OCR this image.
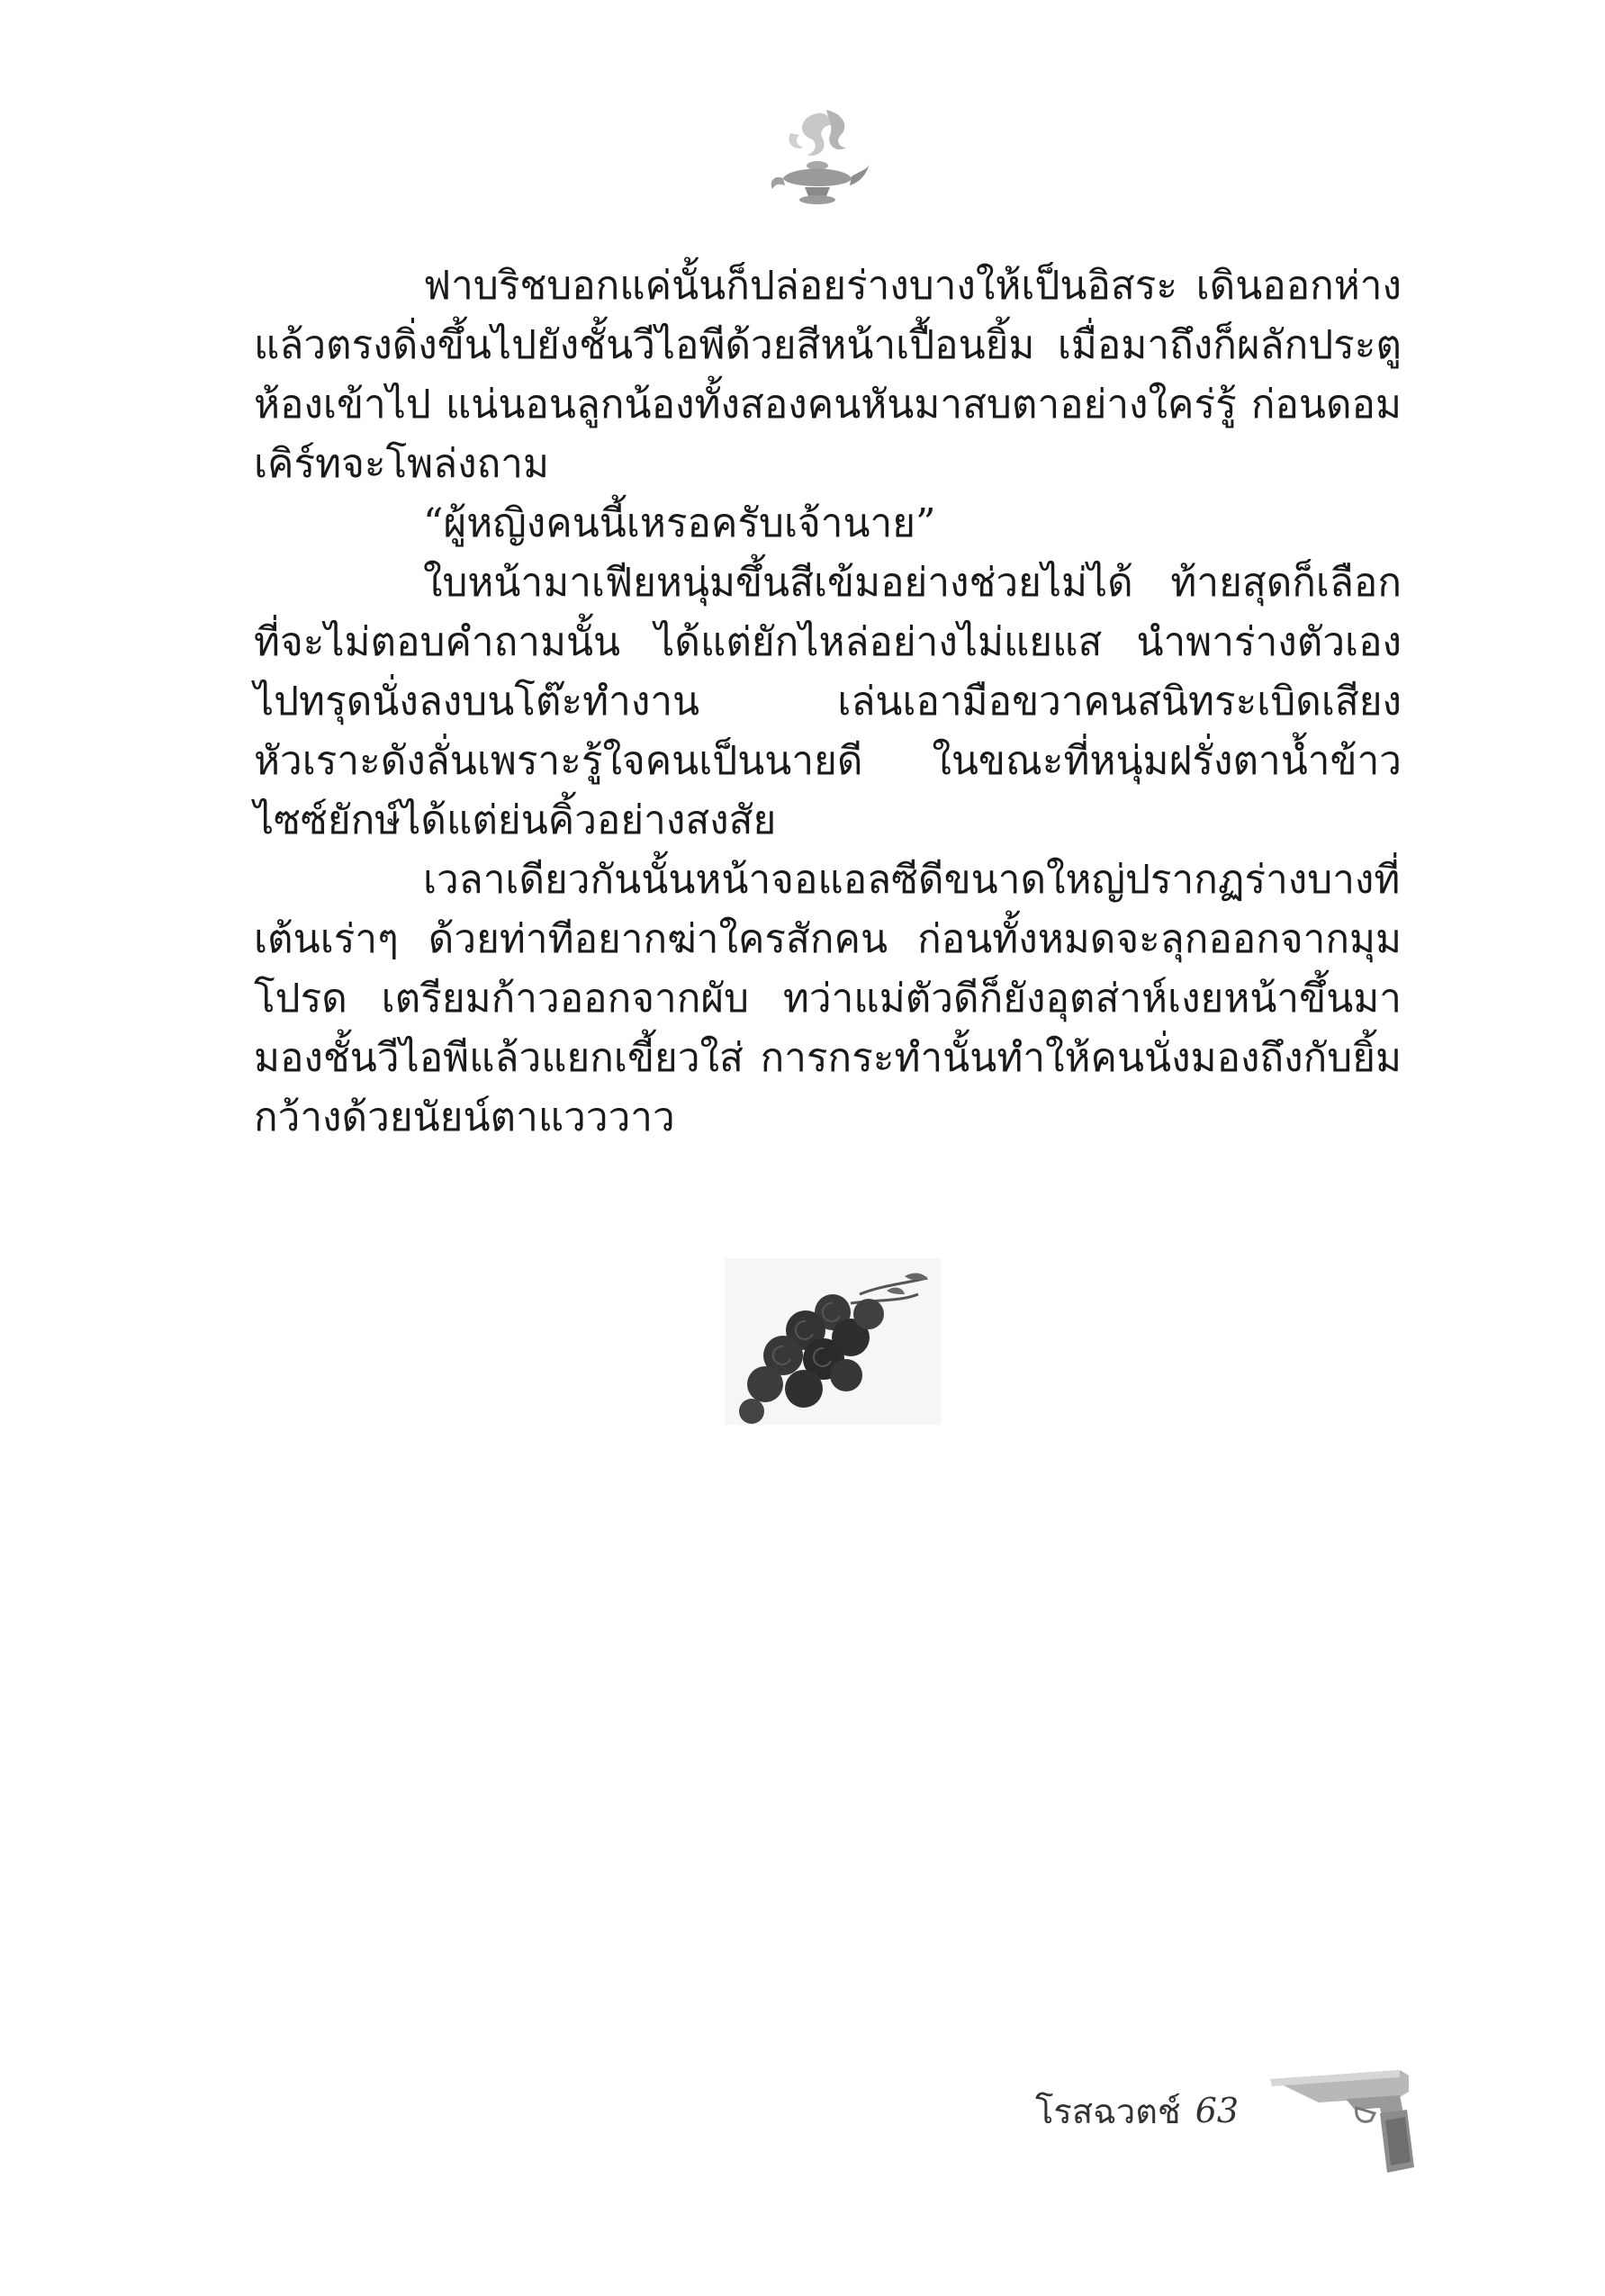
ฟาบริชบอกแค่นั้นก็ปล่อยร่างบางให้เป็นอิสระ เดินออกห่างแล้วตรงดิ่งขึ้นไปยังชั้นวีไอพีด้วยสีหน้าเปื้อนยิ้ม เมื่อมาถึงก็ผลักประตูห้องเข้าไป แน่นอนลูกน้องทั้งสองคนหันมาสบตาอย่างใคร่รู้ ก่อนดอม เคิร์ทจะโพล่งถาม

“ผู้หญิงคนนี้เหรอครับเจ้านาย”

ใบหน้ามาเฟียหนุ่มขึ้นสีเข้มอย่างช่วยไม่ได้ ท้ายสุดก็เลือกที่จะไม่ตอบคำถามนั้น ได้แต่ยักไหล่อย่างไม่แยแส นำพาร่างตัวเองไปทรุดนั่งลงบนโต๊ะทำงาน เล่นเอามือขวาคนสนิทระเบิดเสียงหัวเราะดังลั่นเพราะรู้ใจคนเป็นนายดี ในขณะที่หนุ่มฝรั่งตาน้ำข้าวไซซ์ยักษ์ได้แต่ย่นคิ้วอย่างสงสัย

เวลาเดียวกันนั้นหน้าจอแอลซีดีขนาดใหญ่ปรากฏร่างบางที่เต้นเร่าๆ ด้วยท่าทีอยากฆ่าใครสักคน ก่อนทั้งหมดจะลุกออกจากมุมโปรด เตรียมก้าวออกจากผับ ทว่าแม่ตัวดีก็ยังอุตส่าห์เงยหน้าขึ้นมามองชั้นวีไอพีแล้วแยกเขี้ยวใส่ การกระทำนั้นทำให้คนนั่งมองถึงกับยิ้มกว้างด้วยนัยน์ตาแวววาว

โรสฉวตช์ 63
